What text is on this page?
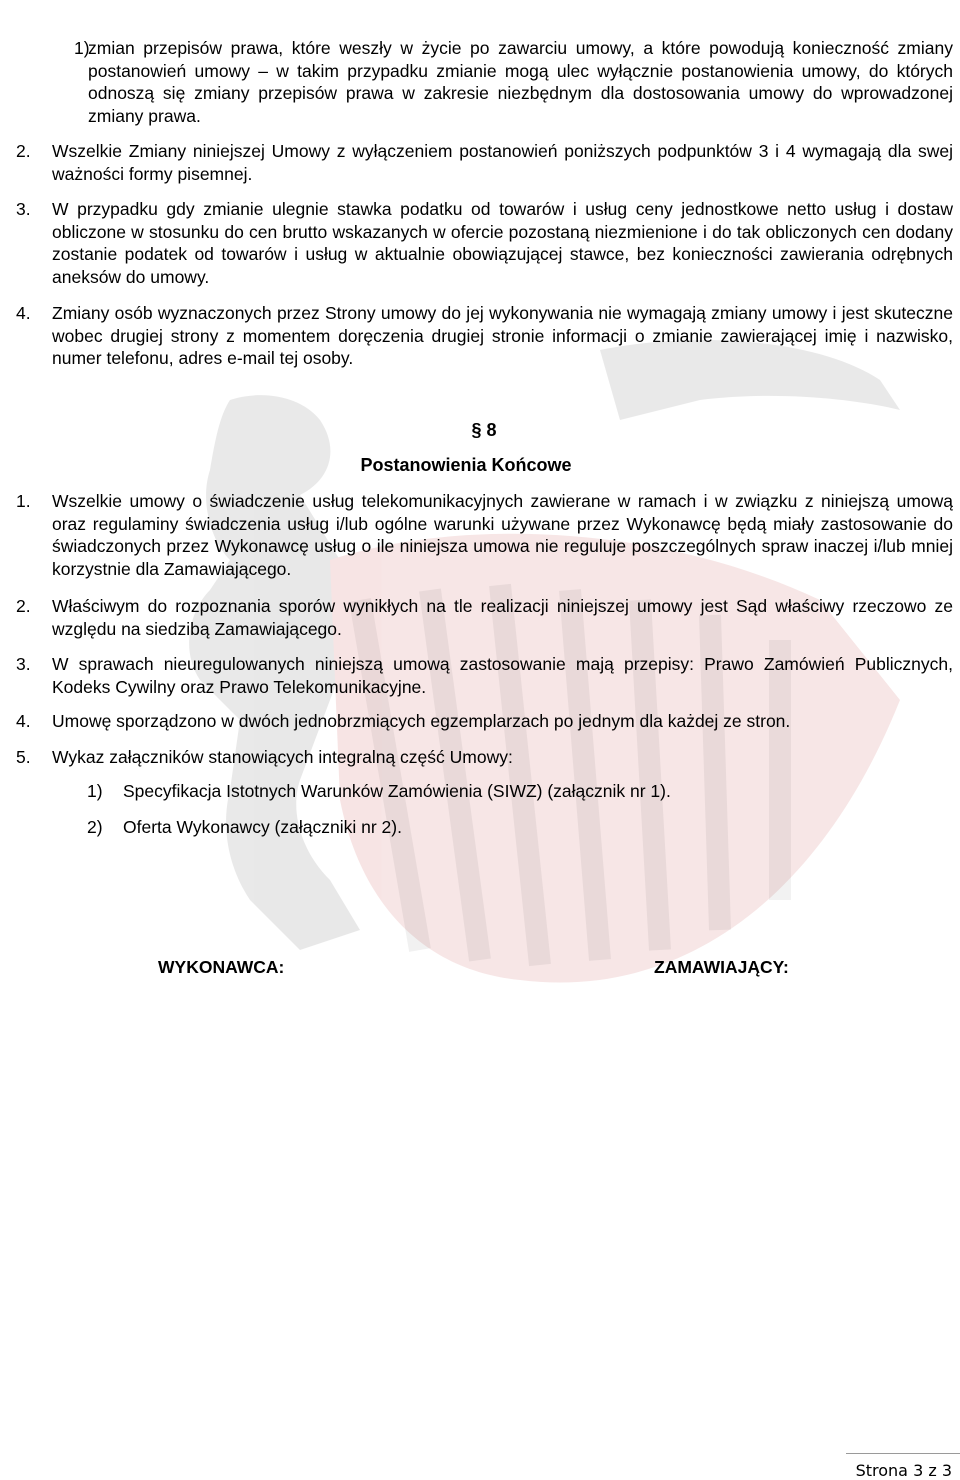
1)
zmian przepisów prawa, które weszły w życie po zawarciu umowy, a które powodują konieczność zmiany postanowień umowy – w takim przypadku zmianie mogą ulec wyłącznie postanowienia umowy, do których odnoszą się zmiany przepisów prawa w zakresie niezbędnym dla dostosowania umowy do wprowadzonej zmiany prawa.
2. Wszelkie Zmiany niniejszej Umowy z wyłączeniem postanowień poniższych podpunktów 3 i 4 wymagają dla swej ważności formy pisemnej.
3. W przypadku gdy zmianie ulegnie stawka podatku od towarów i usług ceny jednostkowe netto usług i dostaw obliczone w stosunku do cen brutto wskazanych w ofercie pozostaną niezmienione i do tak obliczonych cen dodany zostanie podatek od towarów i usług w aktualnie obowiązującej stawce, bez konieczności zawierania odrębnych aneksów do umowy.
4. Zmiany osób wyznaczonych przez Strony umowy do jej wykonywania nie wymagają zmiany umowy i jest skuteczne wobec drugiej strony z momentem doręczenia drugiej stronie informacji o zmianie zawierającej imię i nazwisko, numer telefonu, adres e-mail tej osoby.

§ 8

Postanowienia Końcowe

1. Wszelkie umowy o świadczenie usług telekomunikacyjnych zawierane w ramach i w związku z niniejszą umową oraz regulaminy świadczenia usług i/lub ogólne warunki używane przez Wykonawcę będą miały zastosowanie do świadczonych przez Wykonawcę usług o ile niniejsza umowa nie reguluje poszczególnych spraw inaczej i/lub mniej korzystnie dla Zamawiającego.
2. Właściwym do rozpoznania sporów wynikłych na tle realizacji niniejszej umowy jest Sąd właściwy rzeczowo ze względu na siedzibą Zamawiającego.
3. W sprawach nieuregulowanych niniejszą umową zastosowanie mają przepisy: Prawo Zamówień Publicznych, Kodeks Cywilny oraz Prawo Telekomunikacyjne.
4. Umowę sporządzono w dwóch jednobrzmiących egzemplarzach po jednym dla każdej ze stron.
5. Wykaz załączników stanowiących integralną część Umowy:
1) Specyfikacja Istotnych Warunków Zamówienia (SIWZ) (załącznik nr 1).
2) Oferta Wykonawcy (załączniki nr 2).
WYKONAWCA:	ZAMAWIAJĄCY:
Strona 3 z 3
